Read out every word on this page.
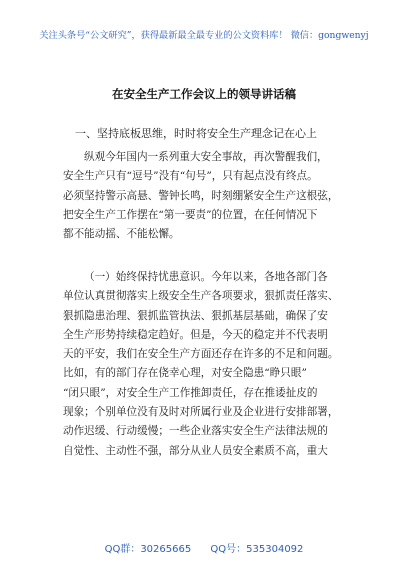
关注头条号“公文研究”，获得最新最全最专业的公文资料库！ 微信：gongwenyj
在安全生产工作会议上的领导讲话稿
一、坚持底板思维，时时将安全生产理念记在心上
纵观今年国内一系列重大安全事故，再次警醒我们，
安全生产只有“逗号”没有“句号”，只有起点没有终点。
必须坚持警示高悬、警钟长鸣，时刻绷紧安全生产这根弦，
把安全生产工作摆在“第一要责”的位置，在任何情况下
都不能动摇、不能松懈。
（一）始终保持忧患意识。今年以来，各地各部门各
单位认真贯彻落实上级安全生产各项要求，狠抓责任落实、
狠抓隐患治理、狠抓监管执法、狠抓基层基础，确保了安
全生产形势持续稳定趋好。但是，今天的稳定并不代表明
天的平安，我们在安全生产方面还存在许多的不足和问题。
比如，有的部门存在侥幸心理，对安全隐患“睁只眼”
“闭只眼”，对安全生产工作推卸责任，存在推诿扯皮的
现象；个别单位没有及时对所属行业及企业进行安排部署，
动作迟缓、行动缓慢；一些企业落实安全生产法律法规的
自觉性、主动性不强，部分从业人员安全素质不高，重大
QQ群：30265665 QQ号：535304092
